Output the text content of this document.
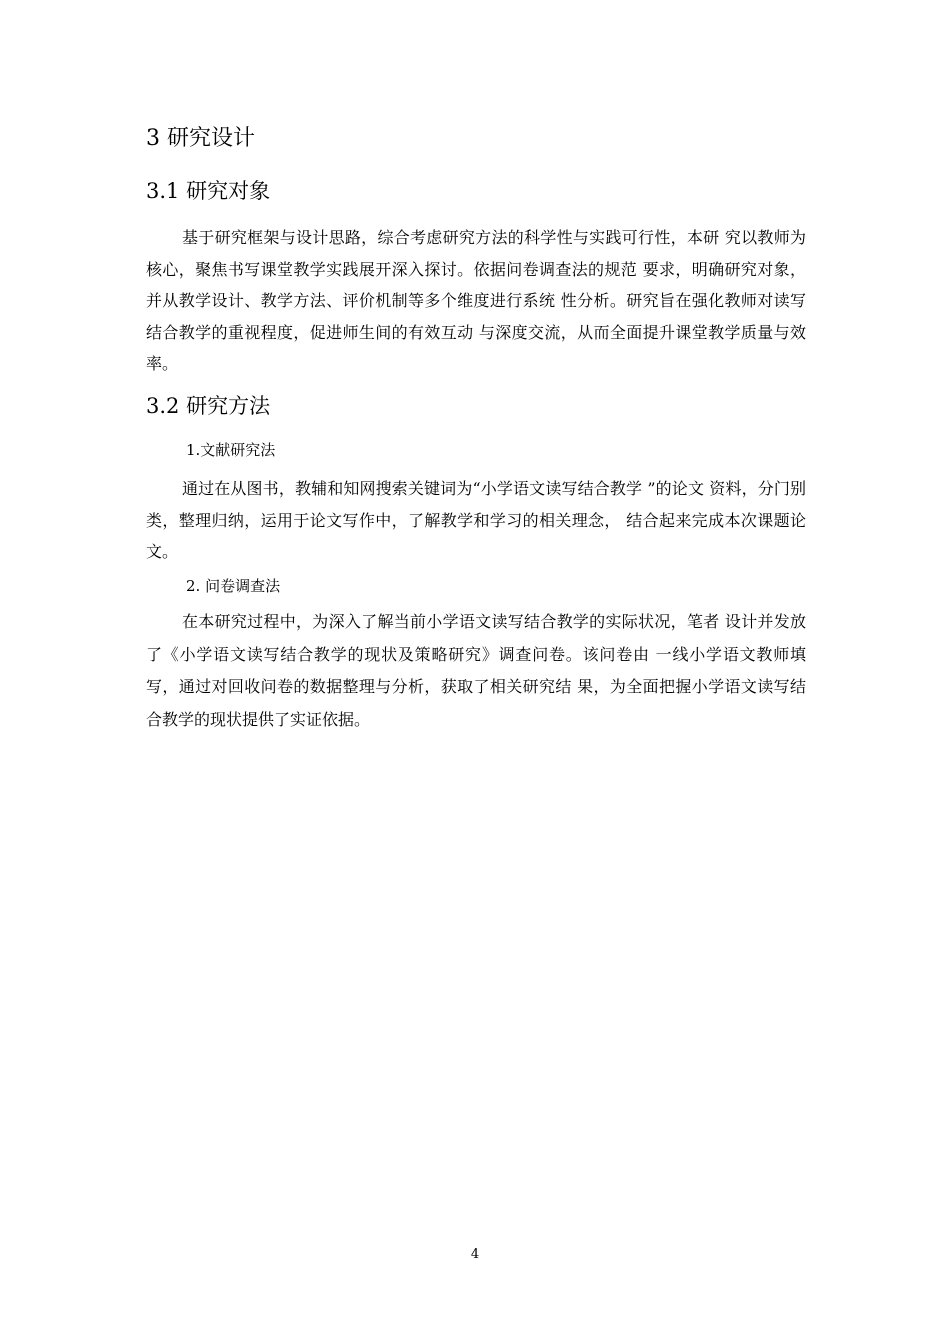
3 研究设计
3.1 研究对象
基于研究框架与设计思路，综合考虑研究方法的科学性与实践可行性，本研 究以教师为核心，聚焦书写课堂教学实践展开深入探讨。依据问卷调查法的规范 要求，明确研究对象，并从教学设计、教学方法、评价机制等多个维度进行系统 性分析。研究旨在强化教师对读写结合教学的重视程度，促进师生间的有效互动 与深度交流，从而全面提升课堂教学质量与效率。
3.2 研究方法
1.文献研究法
通过在从图书，教辅和知网搜索关键词为“小学语文读写结合教学 ”的论文 资料，分门别类，整理归纳，运用于论文写作中，了解教学和学习的相关理念， 结合起来完成本次课题论文。
2. 问卷调查法
在本研究过程中，为深入了解当前小学语文读写结合教学的实际状况，笔者 设计并发放了《小学语文读写结合教学的现状及策略研究》调查问卷。该问卷由 一线小学语文教师填写，通过对回收问卷的数据整理与分析，获取了相关研究结 果，为全面把握小学语文读写结合教学的现状提供了实证依据。
4
